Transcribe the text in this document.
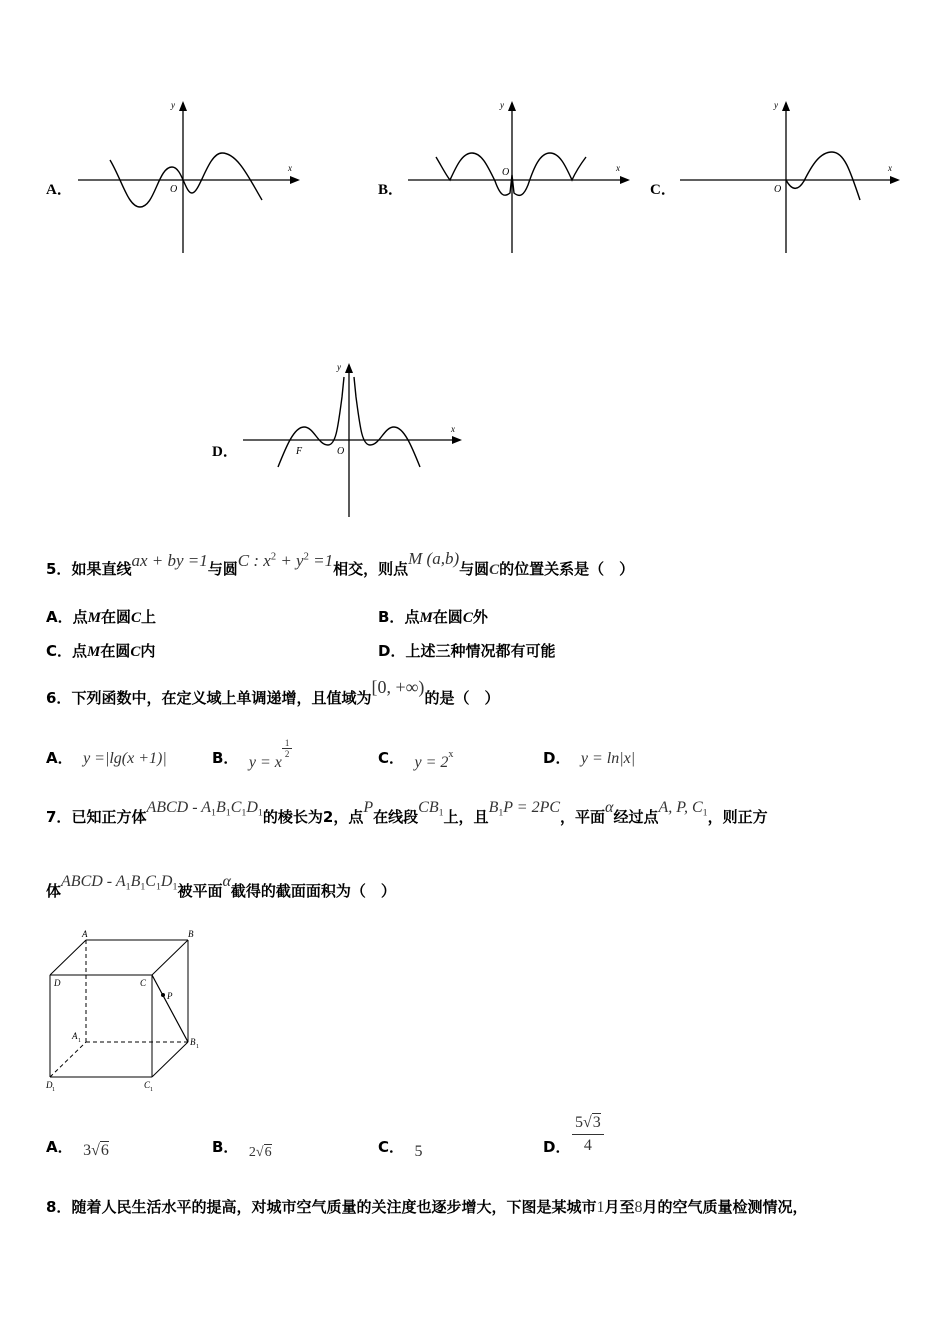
A．
x
y
O	B．
x
y
O
C．
x
y
O
D．
x
y
O
F
5．如果直线ax + by =1与圆C : $x^2 + y^2 =1$相交，则点M (a,b)与圆C的位置关系是（　）
A．点M在圆C上	B．点M在圆C外
C．点M在圆C内	D．上述三种情况都有可能
6．下列函数中，在定义域上单调递增，且值域为[0, +∞)的是（　）
A． y =|lg(x +1)|	B． y = x
$\frac{1}{2}$	C． $y = 2^x$	D． y = ln|x|
7．已知正方体ABCD - $A_1B_1C_1D_1$的棱长为2，点P在线段$CB_1$上，且$B_1P = 2PC$，平面α经过点A, P, $C_1$，则正方
体ABCD - $A_1B_1C_1D_1$被平面α截得的截面面积为（　）
A	B
C
D
P
A 1	B 1
C 1
D 1
A． 3√6	B． 2√6	C． 5	D． $\frac{5√3}{4}$
8．随着人民生活水平的提高，对城市空气质量的关注度也逐步增大，下图是某城市1月至8月的空气质量检测情况，
